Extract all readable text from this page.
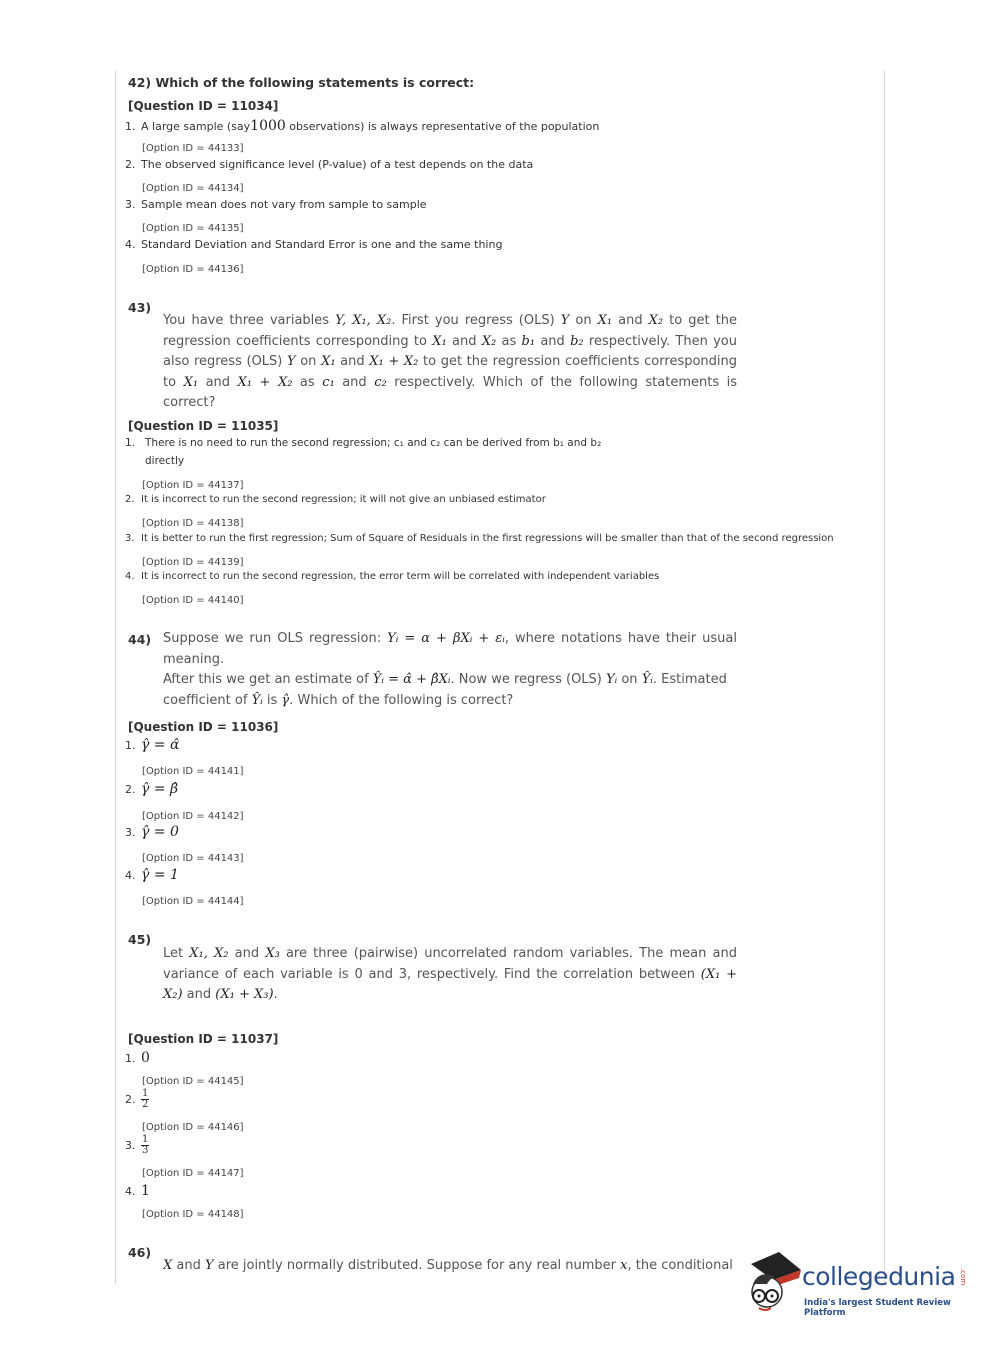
42) Which of the following statements is correct:
[Question ID = 11034]
1. A large sample (say1000 observations) is always representative of the population
[Option ID = 44133]
2. The observed significance level (P-value) of a test depends on the data
[Option ID = 44134]
3. Sample mean does not vary from sample to sample
[Option ID = 44135]
4. Standard Deviation and Standard Error is one and the same thing
[Option ID = 44136]
43)
You have three variables Y, X₁, X₂. First you regress (OLS) Y on X₁ and X₂ to get the regression coefficients corresponding to X₁ and X₂ as b₁ and b₂ respectively. Then you also regress (OLS) Y on X₁ and X₁ + X₂ to get the regression coefficients corresponding to X₁ and X₁ + X₂ as c₁ and c₂ respectively. Which of the following statements is correct?
[Question ID = 11035]
1. There is no need to run the second regression; c₁ and c₂ can be derived from b₁ and b₂
directly
[Option ID = 44137]
2. It is incorrect to run the second regression; it will not give an unbiased estimator
[Option ID = 44138]
3. It is better to run the first regression; Sum of Square of Residuals in the first regressions will be smaller than that of the second regression
[Option ID = 44139]
4. It is incorrect to run the second regression, the error term will be correlated with independent variables
[Option ID = 44140]
44) Suppose we run OLS regression: Yᵢ = α + βXᵢ + εᵢ, where notations have their usual meaning.
After this we get an estimate of Ŷᵢ = α̂ + β̂Xᵢ. Now we regress (OLS) Yᵢ on Ŷᵢ. Estimated
coefficient of Ŷᵢ is γ̂. Which of the following is correct?
[Question ID = 11036]
1. γ̂ = α̂
[Option ID = 44141]
2. γ̂ = β̂
[Option ID = 44142]
3. γ̂ = 0
[Option ID = 44143]
4. γ̂ = 1
[Option ID = 44144]
45)
Let X₁, X₂ and X₃ are three (pairwise) uncorrelated random variables. The mean and variance of each variable is 0 and 3, respectively. Find the correlation between (X₁ + X₂) and (X₁ + X₃).
[Question ID = 11037]
1. 0
[Option ID = 44145]
2. $\frac{1}{2}$
[Option ID = 44146]
3. $\frac{1}{3}$
[Option ID = 44147]
4. 1
[Option ID = 44148]
46)
X and Y are jointly normally distributed. Suppose for any real number x, the conditional	collegedunia .com
India's largest Student Review Platform
